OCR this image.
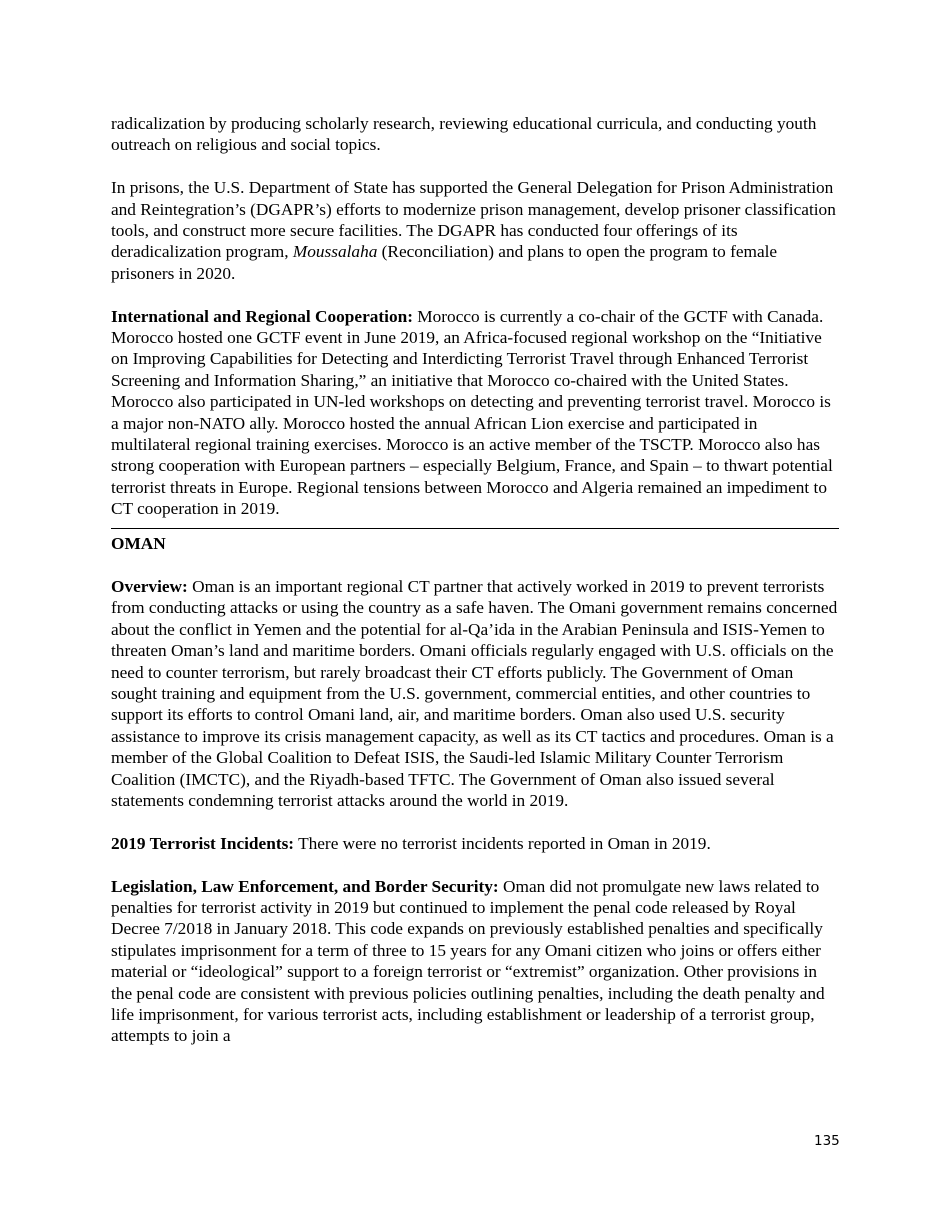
radicalization by producing scholarly research, reviewing educational curricula, and conducting youth outreach on religious and social topics.

In prisons, the U.S. Department of State has supported the General Delegation for Prison Administration and Reintegration’s (DGAPR’s) efforts to modernize prison management, develop prisoner classification tools, and construct more secure facilities. The DGAPR has conducted four offerings of its deradicalization program, Moussalaha (Reconciliation) and plans to open the program to female prisoners in 2020.

International and Regional Cooperation: Morocco is currently a co-chair of the GCTF with Canada. Morocco hosted one GCTF event in June 2019, an Africa-focused regional workshop on the “Initiative on Improving Capabilities for Detecting and Interdicting Terrorist Travel through Enhanced Terrorist Screening and Information Sharing,” an initiative that Morocco co-chaired with the United States. Morocco also participated in UN-led workshops on detecting and preventing terrorist travel. Morocco is a major non-NATO ally. Morocco hosted the annual African Lion exercise and participated in multilateral regional training exercises. Morocco is an active member of the TSCTP. Morocco also has strong cooperation with European partners – especially Belgium, France, and Spain – to thwart potential terrorist threats in Europe. Regional tensions between Morocco and Algeria remained an impediment to CT cooperation in 2019.

OMAN

Overview: Oman is an important regional CT partner that actively worked in 2019 to prevent terrorists from conducting attacks or using the country as a safe haven. The Omani government remains concerned about the conflict in Yemen and the potential for al-Qa’ida in the Arabian Peninsula and ISIS-Yemen to threaten Oman’s land and maritime borders. Omani officials regularly engaged with U.S. officials on the need to counter terrorism, but rarely broadcast their CT efforts publicly. The Government of Oman sought training and equipment from the U.S. government, commercial entities, and other countries to support its efforts to control Omani land, air, and maritime borders. Oman also used U.S. security assistance to improve its crisis management capacity, as well as its CT tactics and procedures. Oman is a member of the Global Coalition to Defeat ISIS, the Saudi-led Islamic Military Counter Terrorism Coalition (IMCTC), and the Riyadh-based TFTC. The Government of Oman also issued several statements condemning terrorist attacks around the world in 2019.

2019 Terrorist Incidents: There were no terrorist incidents reported in Oman in 2019.

Legislation, Law Enforcement, and Border Security: Oman did not promulgate new laws related to penalties for terrorist activity in 2019 but continued to implement the penal code released by Royal Decree 7/2018 in January 2018. This code expands on previously established penalties and specifically stipulates imprisonment for a term of three to 15 years for any Omani citizen who joins or offers either material or “ideological” support to a foreign terrorist or “extremist” organization. Other provisions in the penal code are consistent with previous policies outlining penalties, including the death penalty and life imprisonment, for various terrorist acts, including establishment or leadership of a terrorist group, attempts to join a

135
